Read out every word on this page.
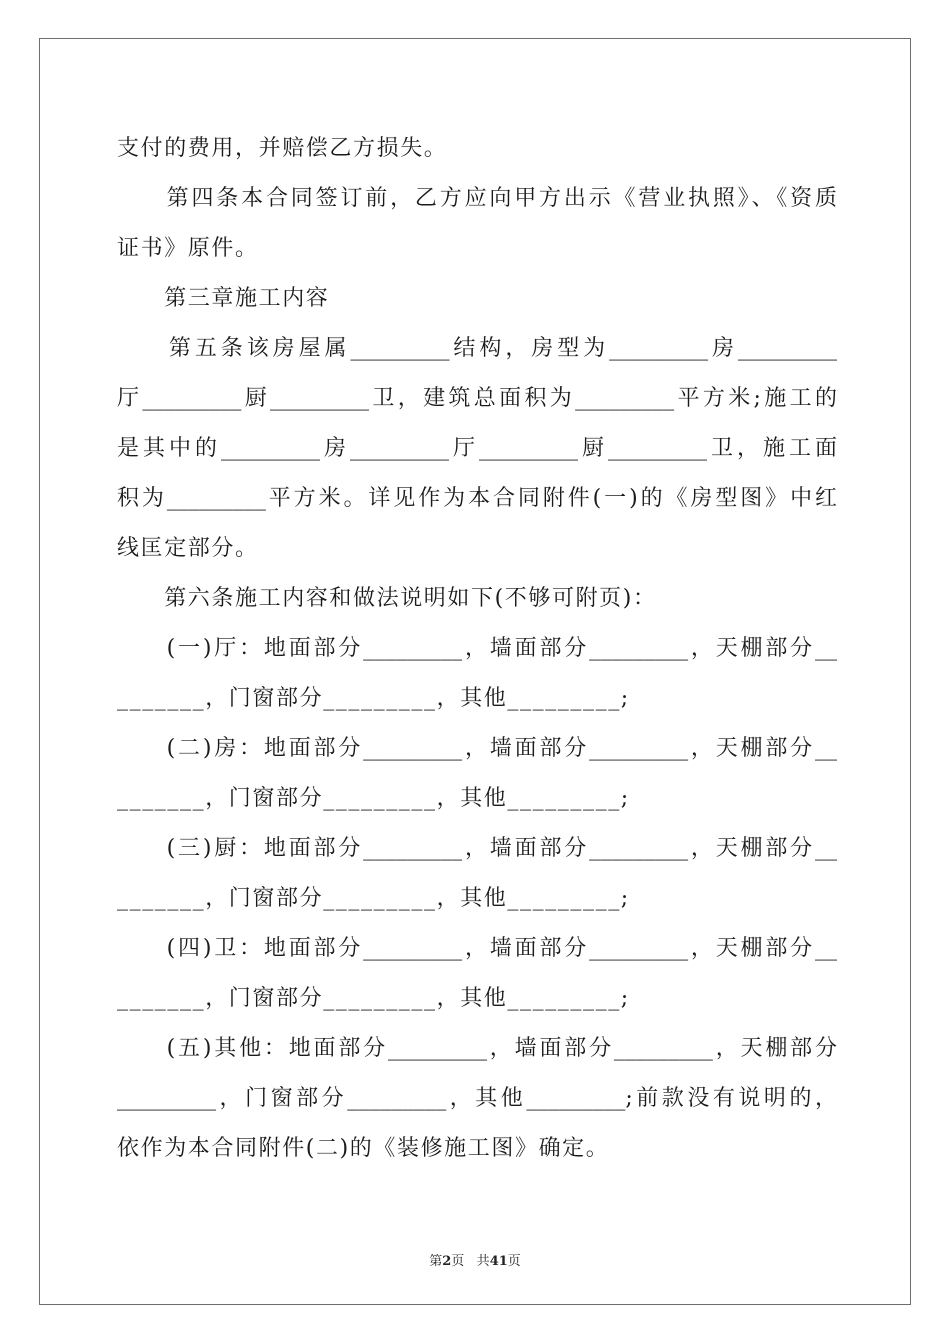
支付的费用，并赔偿乙方损失。
　　第四条本合同签订前，乙方应向甲方出示《营业执照》、《资质
证书》原件。
　　第三章施工内容
　　第五条该房屋属_________结构，房型为_________房_________
厅_________厨_________卫，建筑总面积为_________平方米;施工的
是其中的_________房_________厅_________厨_________卫，施工面
积为_________平方米。详见作为本合同附件(一)的《房型图》中红
线匡定部分。
　　第六条施工内容和做法说明如下(不够可附页)：
　　(一)厅：地面部分_________，墙面部分_________，天棚部分__
_______，门窗部分_________，其他_________;
　　(二)房：地面部分_________，墙面部分_________，天棚部分__
_______，门窗部分_________，其他_________;
　　(三)厨：地面部分_________，墙面部分_________，天棚部分__
_______，门窗部分_________，其他_________;
　　(四)卫：地面部分_________，墙面部分_________，天棚部分__
_______，门窗部分_________，其他_________;
　　(五)其他：地面部分_________，墙面部分_________，天棚部分
_________，门窗部分_________，其他_________;前款没有说明的，
依作为本合同附件(二)的《装修施工图》确定。
第2页 共41页
